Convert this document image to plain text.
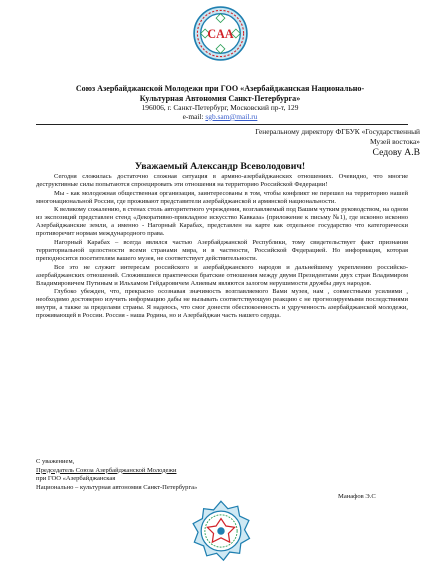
CAA
Союз Азербайджанской Молодежи при ГОО «Азербайджанская Национально-
Культурная Автономия Санкт-Петербурга»
196006, г. Санкт-Петербург, Московский пр-т, 129
e-mail: sgb.sam@mail.ru
Генеральному директору ФГБУК «Государственный
Музей востока»
Седову А.В
Уважаемый Александр Всеволодович!

Сегодня сложилась достаточно сложная ситуация в армяно-азербайджанских отношениях. Очевидно, что многие деструктивные силы попытаются спроецировать эти отношения на территорию Российской Федерации!

Мы - как молодежная общественная организация, заинтересованы в том, чтобы конфликт не перешел на территорию нашей многонациональной России, где проживают представители азербайджанской и армянской национальности.

К великому сожалению, в стенах столь авторитетного учреждения, возглавляемый под Вашим чутким руководством, на одном из экспозиций представлен стенд «Декоративно-прикладное искусство Кавказа» (приложение к письму №1), где исконно исконно Азербайджанские земли, а именно - Нагорный Карабах, представлен на карте как отдельное государство что категорически противоречит нормам международного права.

Нагорный Карабах – всегда являлся частью Азербайджанской Республики, тому свидетельствует факт признания территориальной целостности всеми странами мира, и в частности, Российской Федерацией. Но информация, которая преподносится посетителям вашего музея, не соответствует действительности.

Все это не служит интересам российского и азербайджанского народов и дальнейшему укреплению российско-азербайджанских отношений. Сложившиеся практически братские отношения между двумя Президентами двух стран Владимиром Владимировичем Путиным и Ильхамом Гейдаровичем Алиевым являются залогом нерушимости дружбы двух народов.

Глубоко убежден, что, прекрасно осознавая значимость возглавляемого Вами музея, нам , совместными усилиями , необходимо достоверно изучить информацию дабы не вызывать соответствующую реакцию с не прогнозируемыми последствиями внутри, а также за пределами страны. Я надеюсь, что смог донести обеспокоенность и удрученность азербайджанской молодежи, проживающей в России. Россия - наша Родина, но и Азербайджан часть нашего сердца.

С уважением,
Председатель Союза Азербайджанской Молодежи
при ГОО «Азербайджанская
Национально – культурная автономия Санкт-Петербурга»
Манафов Э.С
